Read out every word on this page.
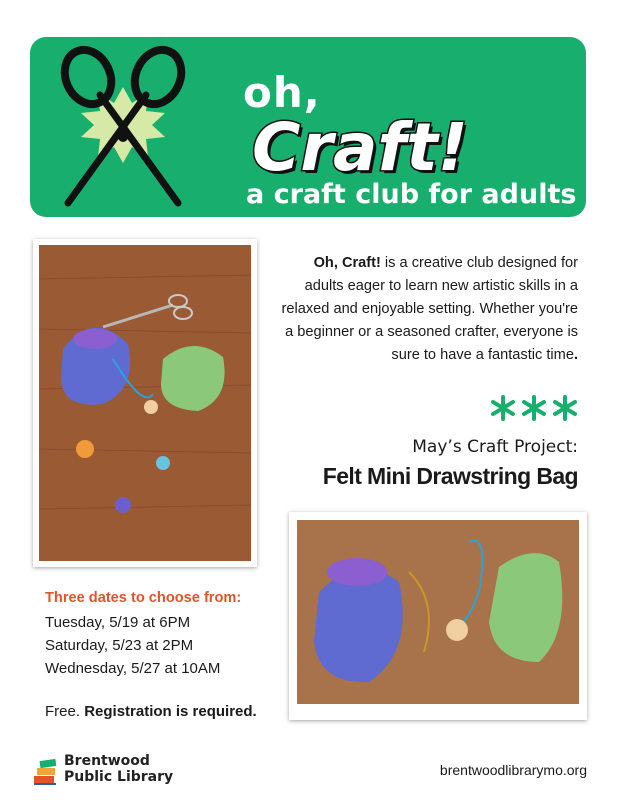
oh,
Craft!
a craft club for adults
Oh, Craft! is a creative club designed for adults eager to learn new artistic skills in a relaxed and enjoyable setting. Whether you're a beginner or a seasoned crafter, everyone is sure to have a fantastic time.
May’s Craft Project:
Felt Mini Drawstring Bag
Three dates to choose from:
Tuesday, 5/19 at 6PM
Saturday, 5/23 at 2PM
Wednesday, 5/27 at 10AM
Free. Registration is required.
Brentwood
Public Library	brentwoodlibrarymo.org
